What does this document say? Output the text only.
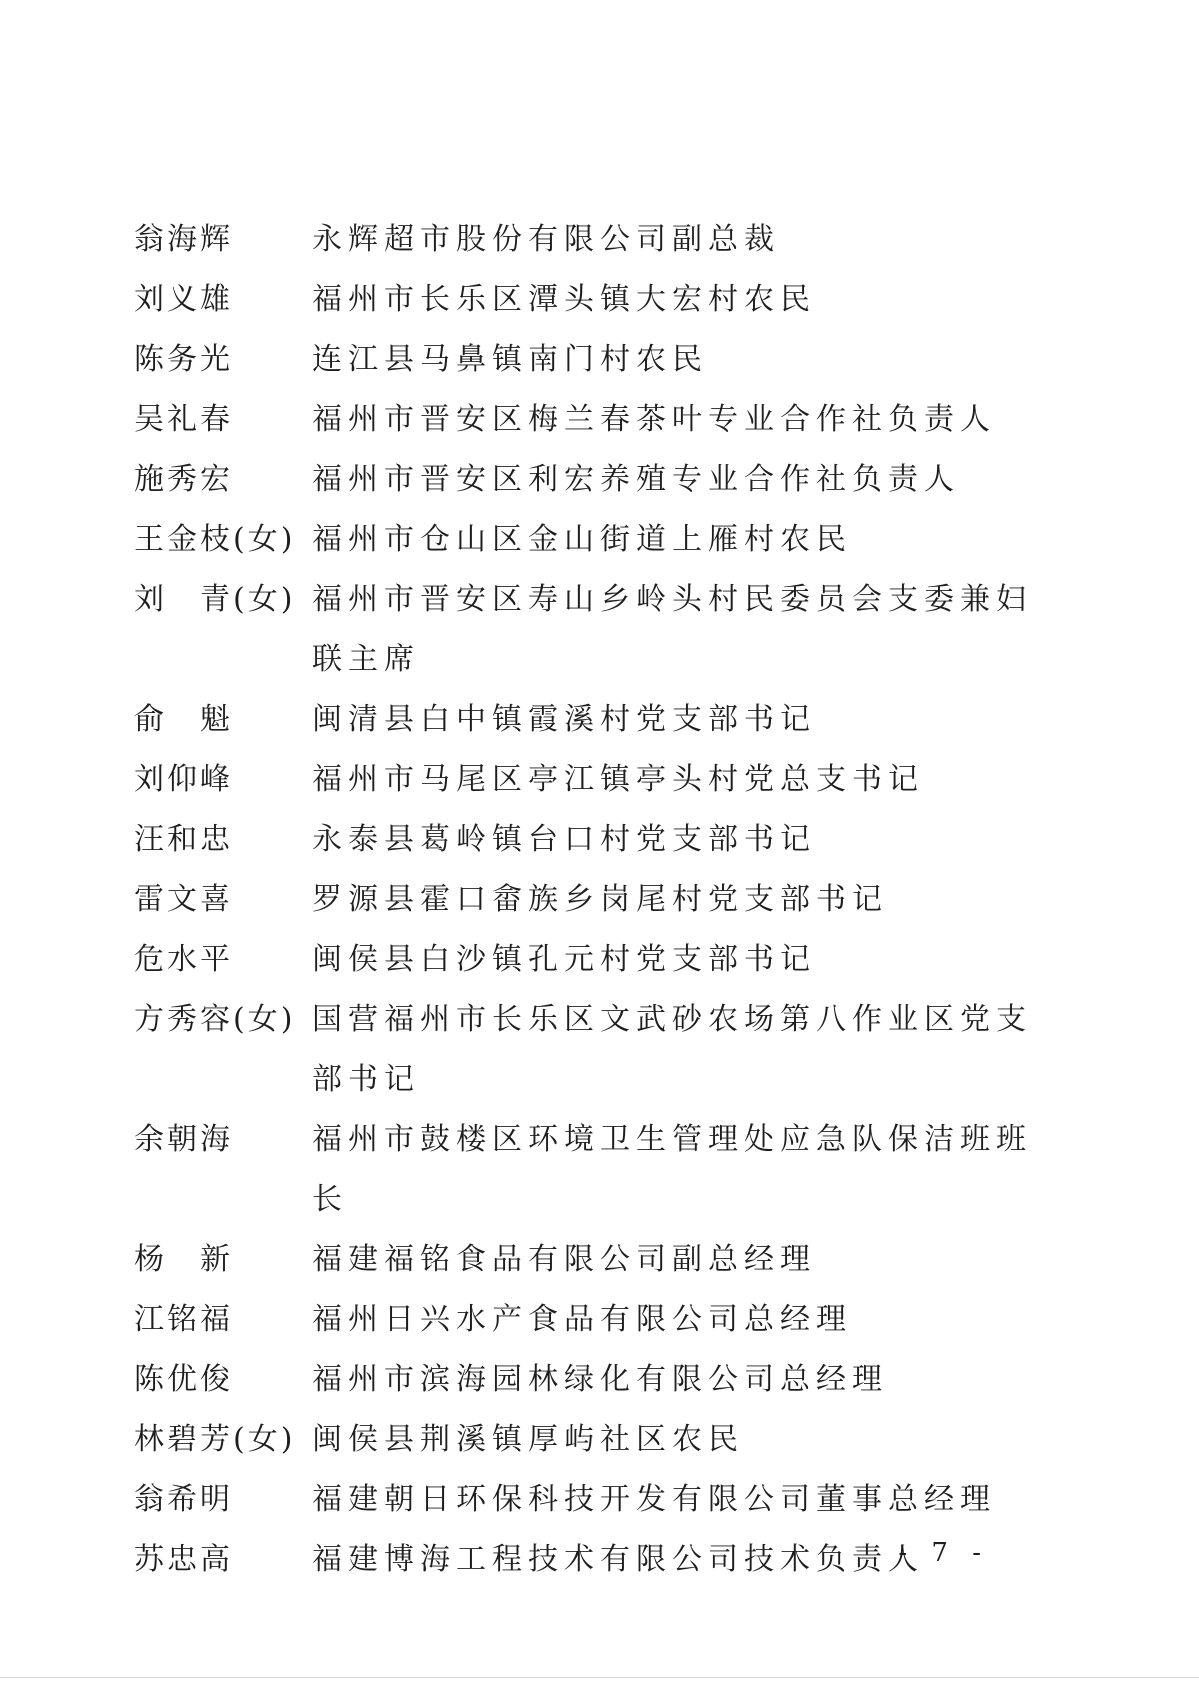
翁海辉	永辉超市股份有限公司副总裁
刘义雄	福州市长乐区潭头镇大宏村农民
陈务光	连江县马鼻镇南门村农民
吴礼春	福州市晋安区梅兰春茶叶专业合作社负责人
施秀宏	福州市晋安区利宏养殖专业合作社负责人
王金枝(女) 福州市仓山区金山街道上雁村农民
刘　青(女) 福州市晋安区寿山乡岭头村民委员会支委兼妇联主席
俞　魁	闽清县白中镇霞溪村党支部书记
刘仰峰	福州市马尾区亭江镇亭头村党总支书记
汪和忠	永泰县葛岭镇台口村党支部书记
雷文喜	罗源县霍口畲族乡岗尾村党支部书记
危水平	闽侯县白沙镇孔元村党支部书记
方秀容(女) 国营福州市长乐区文武砂农场第八作业区党支部书记
余朝海	福州市鼓楼区环境卫生管理处应急队保洁班班长
杨　新	福建福铭食品有限公司副总经理
江铭福	福州日兴水产食品有限公司总经理
陈优俊	福州市滨海园林绿化有限公司总经理
林碧芳(女) 闽侯县荆溪镇厚屿社区农民
翁希明	福建朝日环保科技开发有限公司董事总经理
苏忠高	福建博海工程技术有限公司技术负责人
- 7 -
